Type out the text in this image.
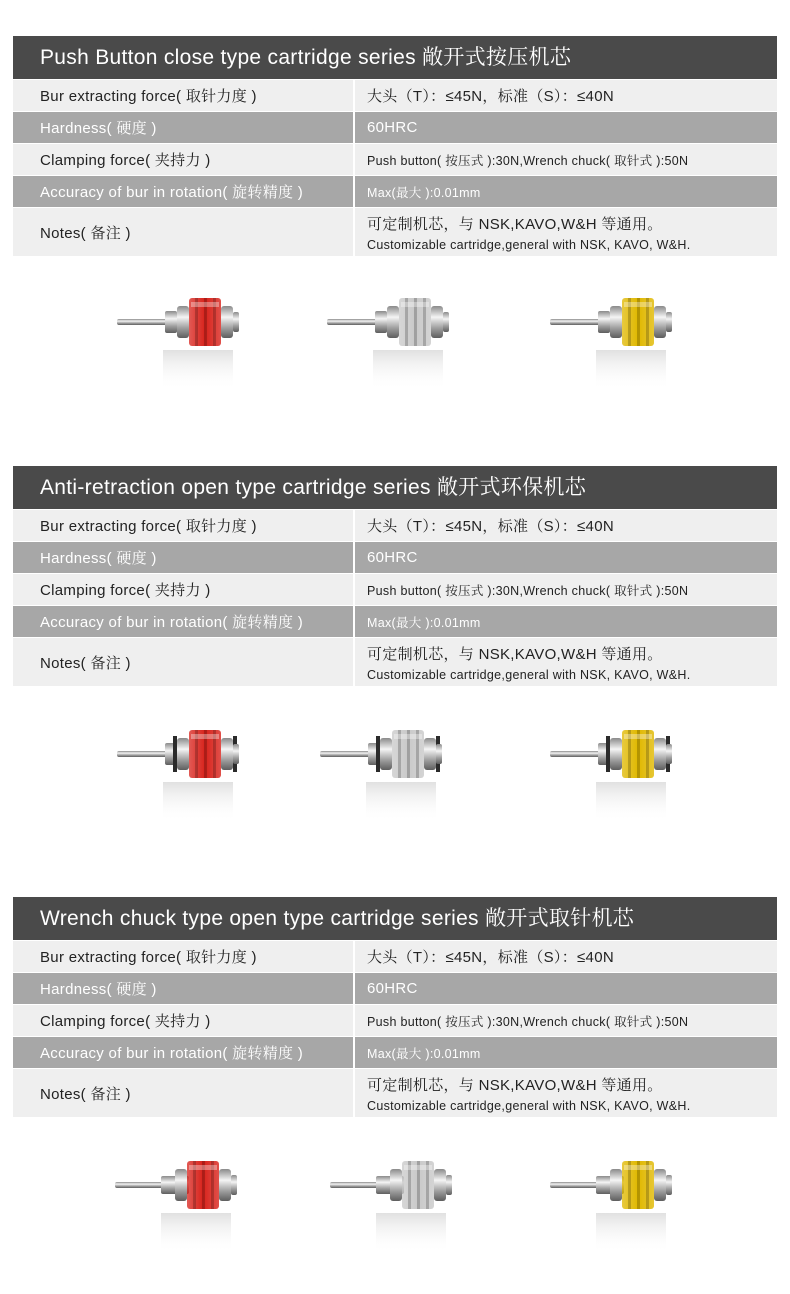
Push Button close type cartridge series 敞开式按压机芯
Bur extracting force( 取针力度 )	大头（T）：≤45N，标准（S）：≤40N
Hardness( 硬度 )	60HRC
Clamping force( 夹持力 )	Push button( 按压式 ):30N,Wrench chuck( 取针式 ):50N
Accuracy of bur in rotation( 旋转精度 )	Max(最大 ):0.01mm
Notes( 备注 )
可定制机芯，与 NSK,KAVO,W&H 等通用。
Customizable cartridge,general with NSK, KAVO, W&H.
Anti-retraction open type cartridge series 敞开式环保机芯
Bur extracting force( 取针力度 )	大头（T）：≤45N，标准（S）：≤40N
Hardness( 硬度 )	60HRC
Clamping force( 夹持力 )	Push button( 按压式 ):30N,Wrench chuck( 取针式 ):50N
Accuracy of bur in rotation( 旋转精度 )	Max(最大 ):0.01mm
Notes( 备注 )
可定制机芯，与 NSK,KAVO,W&H 等通用。
Customizable cartridge,general with NSK, KAVO, W&H.
Wrench chuck type open type cartridge series 敞开式取针机芯
Bur extracting force( 取针力度 )	大头（T）：≤45N，标准（S）：≤40N
Hardness( 硬度 )	60HRC
Clamping force( 夹持力 )	Push button( 按压式 ):30N,Wrench chuck( 取针式 ):50N
Accuracy of bur in rotation( 旋转精度 )	Max(最大 ):0.01mm
Notes( 备注 )
可定制机芯，与 NSK,KAVO,W&H 等通用。
Customizable cartridge,general with NSK, KAVO, W&H.
